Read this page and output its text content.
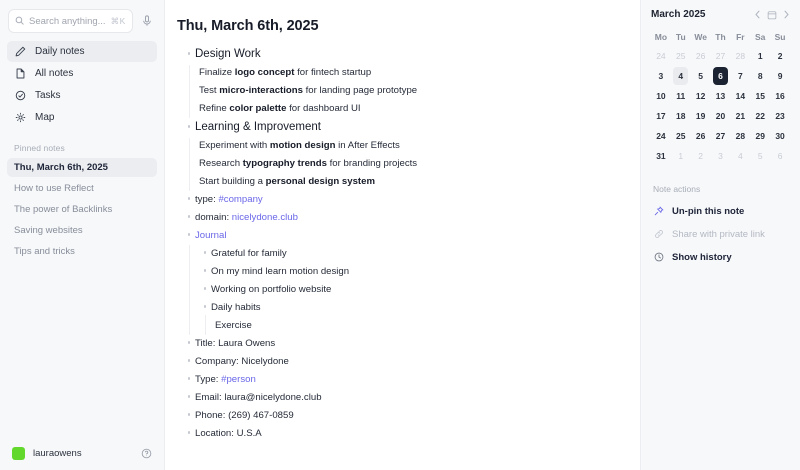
Search anything... ⌘K
Daily notes
All notes
Tasks
Map
Pinned notes
Thu, March 6th, 2025
How to use Reflect
The power of Backlinks
Saving websites
Tips and tricks
lauraowens
Thu, March 6th, 2025
Design Work
Finalize logo concept for fintech startup
Test micro-interactions for landing page prototype
Refine color palette for dashboard UI
Learning & Improvement
Experiment with motion design in After Effects
Research typography trends for branding projects
Start building a personal design system
type: #company
domain: nicelydone.club
Journal
Grateful for family
On my mind learn motion design
Working on portfolio website
Daily habits
Exercise
Title: Laura Owens
Company: Nicelydone
Type: #person
Email: laura@nicelydone.club
Phone: (269) 467-0859
Location: U.S.A
March 2025
Mo	Tu	We Th	Fr	Sa	Su
24	25	26	27	28	1	2
3	4	5	6	7	8	9
10	11	12	13	14	15	16
17	18	19	20	21	22	23
24	25	26	27	28	29	30
31	1	2	3	4	5	6
Note actions
Un-pin this note
Share with private link
Show history
